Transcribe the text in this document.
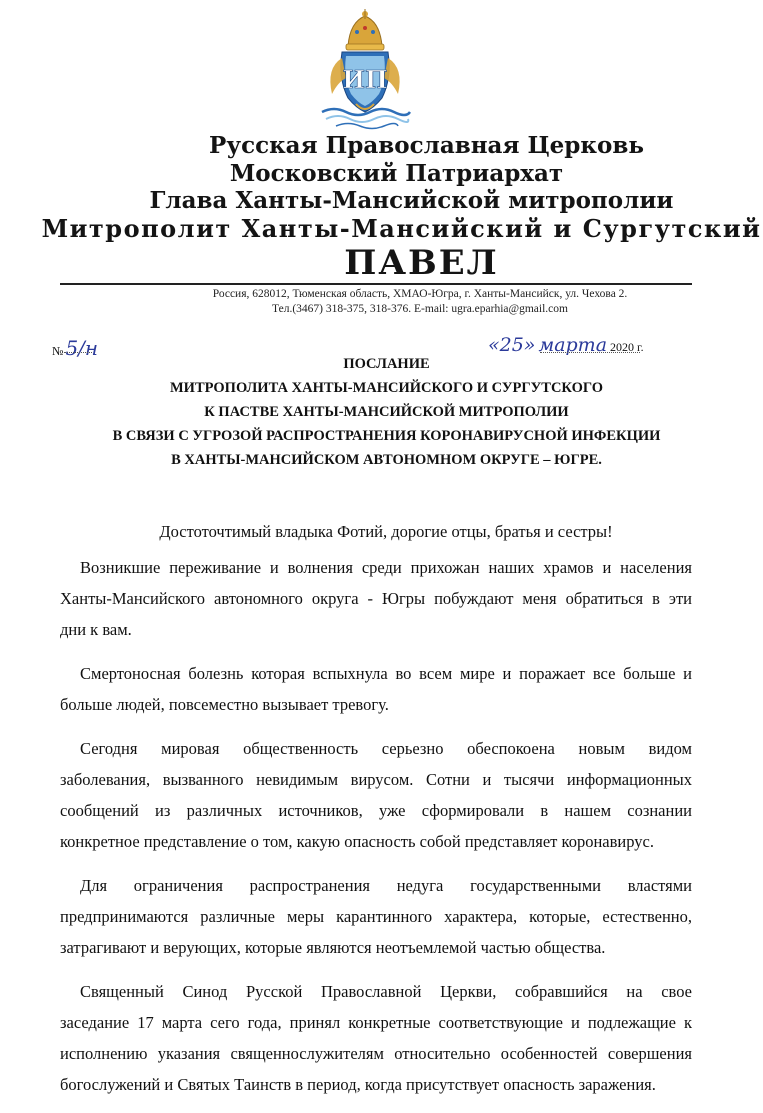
ИП
Русская Православная Церковь
Московский Патриархат
Глава Ханты-Мансийской митрополии
Митрополит Ханты-Мансийский и Сургутский
ПАВЕЛ
Россия, 628012, Тюменская область, ХМАО-Югра, г. Ханты-Мансийск, ул. Чехова 2.
Тел.(3467) 318-375, 318-376. E-mail: ugra.eparhia@gmail.com
№ 5/н	«25» марта 2020 г.
ПОСЛАНИЕ
МИТРОПОЛИТА ХАНТЫ-МАНСИЙСКОГО И СУРГУТСКОГО
К ПАСТВЕ ХАНТЫ-МАНСИЙСКОЙ МИТРОПОЛИИ
В СВЯЗИ С УГРОЗОЙ РАСПРОСТРАНЕНИЯ КОРОНАВИРУСНОЙ ИНФЕКЦИИ
В ХАНТЫ-МАНСИЙСКОМ АВТОНОМНОМ ОКРУГЕ – ЮГРЕ.
Достоточтимый владыка Фотий, дорогие отцы, братья и сестры!
Возникшие переживание и волнения среди прихожан наших храмов и населения
Ханты-Мансийского автономного округа - Югры побуждают меня обратиться в эти
дни к вам.
Смертоносная болезнь которая вспыхнула во всем мире и поражает все больше и
больше людей, повсеместно вызывает тревогу.
Сегодня мировая общественность серьезно обеспокоена новым видом
заболевания, вызванного невидимым вирусом. Сотни и тысячи информационных
сообщений из различных источников, уже сформировали в нашем сознании
конкретное представление о том, какую опасность собой представляет коронавирус.
Для ограничения распространения недуга государственными властями
предпринимаются различные меры карантинного характера, которые, естественно,
затрагивают и верующих, которые являются неотъемлемой частью общества.
Священный Синод Русской Православной Церкви, собравшийся на свое
заседание 17 марта сего года, принял конкретные соответствующие и подлежащие к
исполнению указания священнослужителям относительно особенностей совершения
богослужений и Святых Таинств в период, когда присутствует опасность заражения.
